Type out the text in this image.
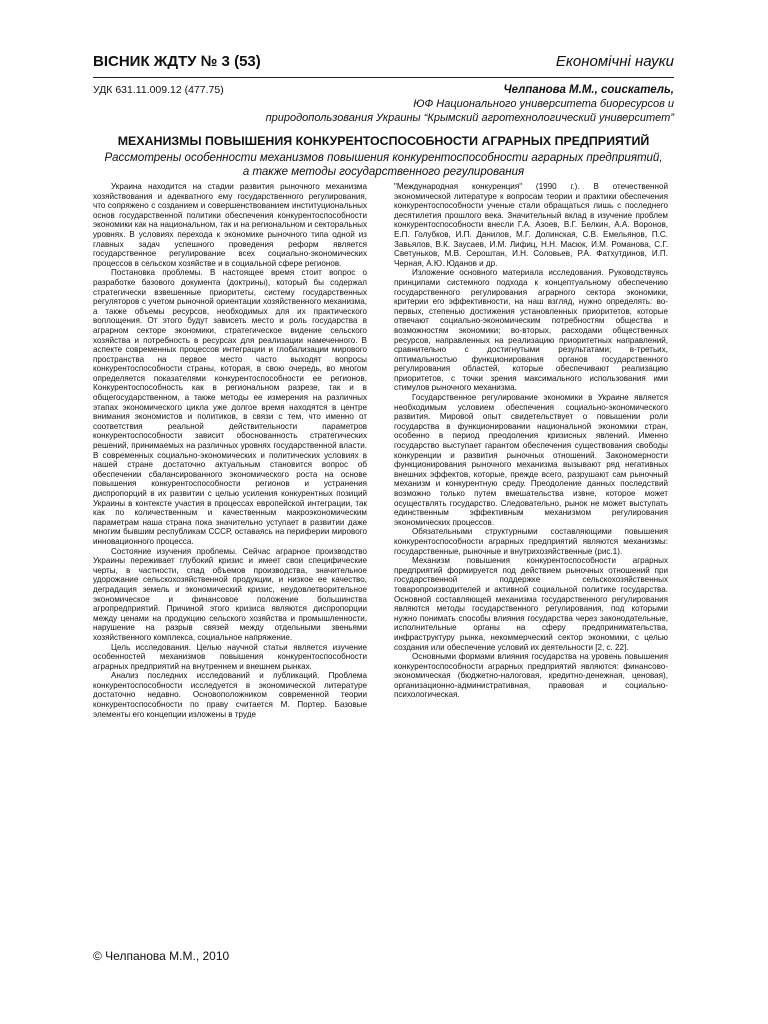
ВІСНИК ЖДТУ № 3 (53)	Економічні науки
УДК 631.11.009.12 (477.75)	Челпанова М.М., соискатель,
ЮФ Национального университета биоресурсов и
природопользования Украины “Крымский агротехнологический университет”
МЕХАНИЗМЫ ПОВЫШЕНИЯ КОНКУРЕНТОСПОСОБНОСТИ АГРАРНЫХ ПРЕДПРИЯТИЙ
Рассмотрены особенности механизмов повышения конкурентоспособности аграрных предприятий,
а также методы государственного регулирования

Украина находится на стадии развития рыночного механизма хозяйствования и адекватного ему государственного регулирования, что сопряжено с созданием и совершенствованием институциональных основ государственной политики обеспечения конкурентоспособности экономики как на национальном, так и на региональном и секторальных уровнях. В условиях перехода к экономике рыночного типа одной из главных задач успешного проведения реформ является государственное регулирование всех социально-экономических процессов в сельском хозяйстве и в социальной сфере регионов.

Постановка проблемы. В настоящее время стоит вопрос о разработке базового документа (доктрины), который бы содержал стратегически взвешенные приоритеты, систему государственных регуляторов с учетом рыночной ориентации хозяйственного механизма, а также объемы ресурсов, необходимых для их практического воплощения. От этого будут зависеть место и роль государства в аграрном секторе экономики, стратегическое видение сельского хозяйства и потребность в ресурсах для реализации намеченного. В аспекте современных процессов интеграции и глобализации мирового пространства на первое место часто выходят вопросы конкурентоспособности страны, которая, в свою очередь, во многом определяется показателями конкурентоспособности ее регионов. Конкурентоспособность как в региональном разрезе, так и в общегосударственном, а также методы ее измерения на различных этапах экономического цикла уже долгое время находятся в центре внимания экономистов и политиков, в связи с тем, что именно от соответствия реальной действительности параметров конкурентоспособности зависит обоснованность стратегических решений, принимаемых на различных уровнях государственной власти. В современных социально-экономических и политических условиях в нашей стране достаточно актуальным становится вопрос об обеспечении сбалансированного экономического роста на основе повышения конкурентоспособности регионов и устранения диспропорций в их развитии с целью усиления конкурентных позиций Украины в контексте участия в процессах европейской интеграции, так как по количественным и качественным макроэкономическим параметрам наша страна пока значительно уступает в развитии даже многим бывшим республикам СССР, оставаясь на периферии мирового инновационного процесса.

Состояние изучения проблемы. Сейчас аграрное производство Украины переживает глубокий кризис и имеет свои специфические черты, в частности, спад объемов производства, значительное удорожание сельскохозяйственной продукции, и низкое ее качество, деградация земель и экономический кризис, неудовлетворительное экономическое и финансовое положение большинства агропредприятий. Причиной этого кризиса являются диспропорции между ценами на продукцию сельского хозяйства и промышленности, нарушение на разрыв связей между отдельными звеньями хозяйственного комплекса, социальное напряжение.

Цель исследования. Целью научной статьи является изучение особенностей механизмов повышения конкурентоспособности аграрных предприятий на внутреннем и внешнем рынках.

Анализ последних исследований и публикаций. Проблема конкурентоспособности исследуется в экономической литературе достаточно недавно. Основоположником современной теории конкурентоспособности по праву считается М. Портер. Базовые элементы его концепции изложены в труде

"Международная конкуренция" (1990 г.). В отечественной экономической литературе к вопросам теории и практики обеспечения конкурентоспособности ученые стали обращаться лишь с последнего десятилетия прошлого века. Значительный вклад в изучение проблем конкурентоспособности внесли Г.А. Азоев, В.Г. Белкин, А.А. Воронов, Е.П. Голубков, И.П. Данилов, М.Г. Долинская, С.В. Емельянов, П.С. Завьялов, В.К. Заусаев, И.М. Лифиц, Н.Н. Масюк, И.М. Романова, С.Г. Светуньков, М.В. Сероштан, И.Н. Соловьев, Р.А. Фатхутдинов, И.П. Черная, А.Ю. Юданов и др.

Изложение основного материала исследования. Руководствуясь принципами системного подхода к концептуальному обеспечению государственного регулирования аграрного сектора экономики, критерии его эффективности, на наш взгляд, нужно определять: во-первых, степенью достижения установленных приоритетов, которые отвечают социально-экономическим потребностям общества и возможностям экономики; во-вторых, расходами общественных ресурсов, направленных на реализацию приоритетных направлений, сравнительно с достигнутыми результатами; в-третьих, оптимальностью функционирования органов государственного регулирования областей, которые обеспечивают реализацию приоритетов, с точки зрения максимального использования ими стимулов рыночного механизма.

Государственное регулирование экономики в Украине является необходимым условием обеспечения социально-экономического развития. Мировой опыт свидетельствует о повышении роли государства в функционировании национальной экономики стран, особенно в период преодоления кризисных явлений. Именно государство выступает гарантом обеспечения существования свободы конкуренции и развития рыночных отношений. Закономерности функционирования рыночного механизма вызывают ряд негативных внешних эффектов, которые, прежде всего, разрушают сам рыночный механизм и конкурентную среду. Преодоление данных последствий возможно только путем вмешательства извне, которое может осуществлять государство. Следовательно, рынок не может выступать единственным эффективным механизмом регулирования экономических процессов.

Обязательными структурными составляющими повышения конкурентоспособности аграрных предприятий являются механизмы: государственные, рыночные и внутрихозяйственные (рис.1).

Механизм повышения конкурентоспособности аграрных предприятий формируется под действием рыночных отношений при государственной поддержке сельскохозяйственных товаропроизводителей и активной социальной политике государства. Основной составляющей механизма государственного регулирования являются методы государственного регулирования, под которыми нужно понимать способы влияния государства через законодательные, исполнительные органы на сферу предпринимательства, инфраструктуру рынка, некоммерческий сектор экономики, с целью создания или обеспечение условий их деятельности [2, с. 22].

Основными формами влияния государства на уровень повышения конкурентоспособности аграрных предприятий являются: финансово-экономическая (бюджетно-налоговая, кредитно-денежная, ценовая), организационно-административная, правовая и социально-психологическая.

© Челпанова М.М., 2010
